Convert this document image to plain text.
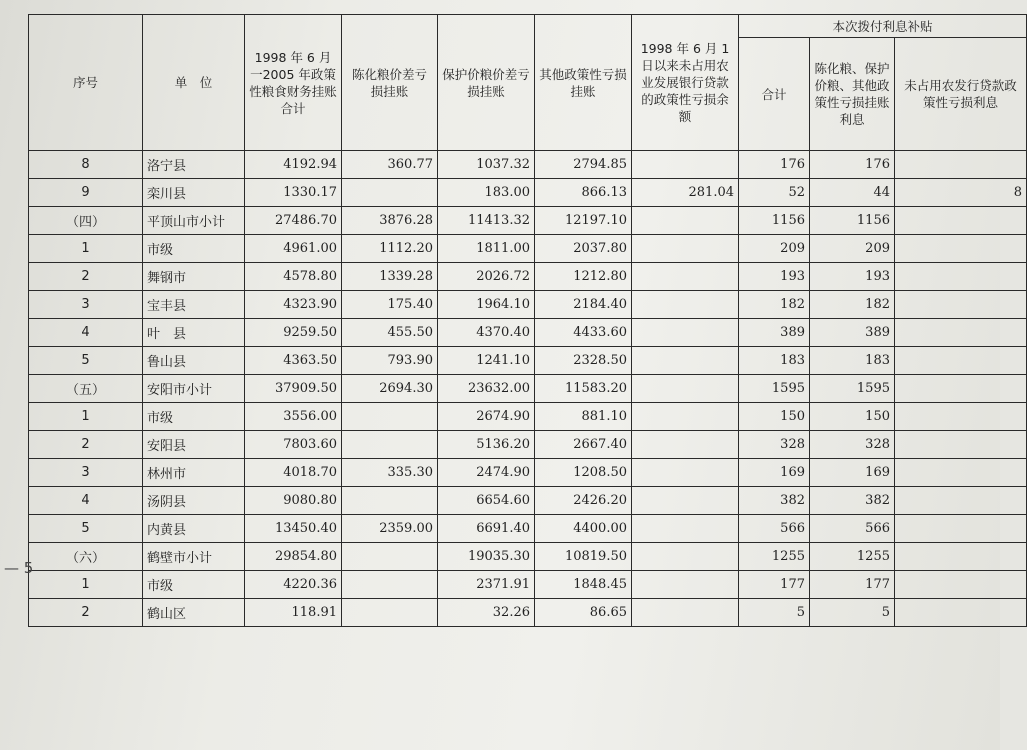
序号	单　位	1998 年 6 月一2005 年政策性粮食财务挂账合计	陈化粮价差亏损挂账	保护价粮价差亏损挂账	其他政策性亏损挂账	1998 年 6 月 1 日以来未占用农业发展银行贷款的政策性亏损余额	本次拨付利息补贴		
							合计	陈化粮、保护价粮、其他政策性亏损挂账利息	未占用农发行贷款政策性亏损利息
8	洛宁县	4192.94	360.77	1037.32	2794.85		176	176	
9	栾川县	1330.17		183.00	866.13	281.04	52	44	8
（四）	平顶山市小计	27486.70	3876.28	11413.32	12197.10		1156	1156	
1	市级	4961.00	1112.20	1811.00	2037.80		209	209	
2	舞钢市	4578.80	1339.28	2026.72	1212.80		193	193	
3	宝丰县	4323.90	175.40	1964.10	2184.40		182	182	
4	叶　县	9259.50	455.50	4370.40	4433.60		389	389	
5	鲁山县	4363.50	793.90	1241.10	2328.50		183	183	
（五）	安阳市小计	37909.50	2694.30	23632.00	11583.20		1595	1595	
1	市级	3556.00		2674.90	881.10		150	150	
2	安阳县	7803.60		5136.20	2667.40		328	328	
3	林州市	4018.70	335.30	2474.90	1208.50		169	169	
4	汤阴县	9080.80		6654.60	2426.20		382	382	
5	内黄县	13450.40	2359.00	6691.40	4400.00		566	566	
（六）	鹤壁市小计	29854.80		19035.30	10819.50		1255	1255	
1	市级	4220.36		2371.91	1848.45		177	177	
2	鹤山区	118.91		32.26	86.65		5	5	
— 5
